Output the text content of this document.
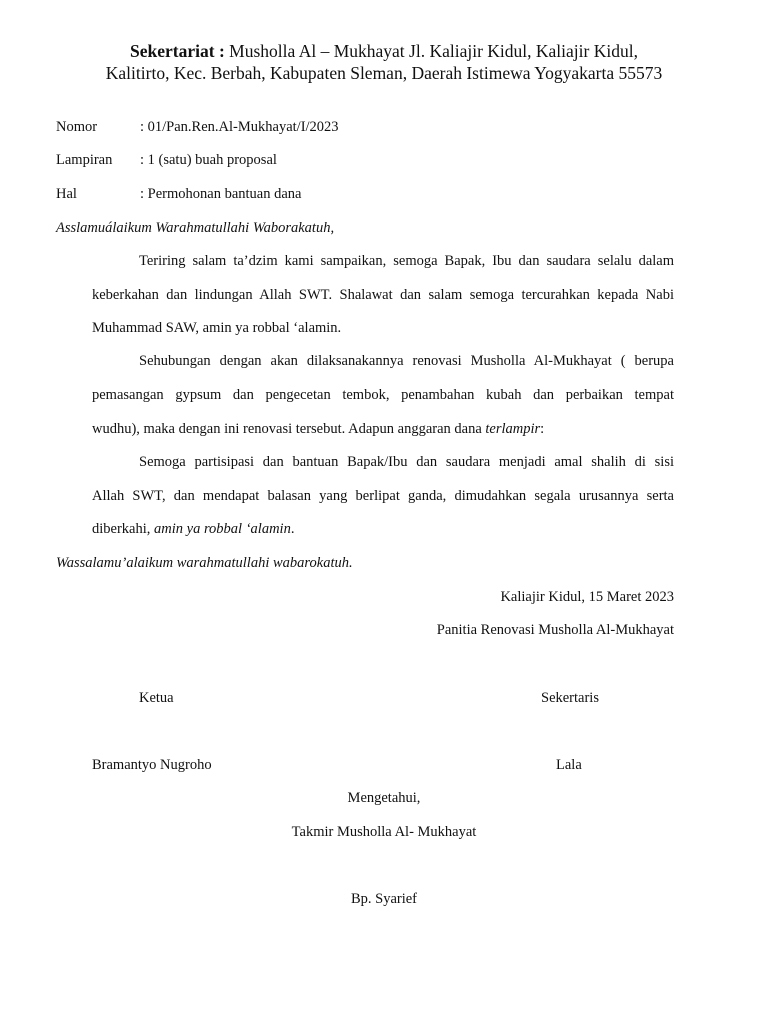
Sekertariat : Musholla Al – Mukhayat Jl. Kaliajir Kidul, Kaliajir Kidul,
Kalitirto, Kec. Berbah, Kabupaten Sleman, Daerah Istimewa Yogyakarta 55573
Nomor	: 01/Pan.Ren.Al-Mukhayat/I/2023
Lampiran : 1 (satu) buah proposal
Hal	: Permohonan bantuan dana
Asslamuálaikum Warahmatullahi Waborakatuh,
Teriring salam ta’dzim kami sampaikan, semoga Bapak, Ibu dan saudara selalu dalam
keberkahan dan lindungan Allah SWT. Shalawat dan salam semoga tercurahkan kepada Nabi
Muhammad SAW, amin ya robbal ‘alamin.
Sehubungan dengan akan dilaksanakannya renovasi Musholla Al-Mukhayat ( berupa
pemasangan gypsum dan pengecetan tembok, penambahan kubah dan perbaikan tempat
wudhu), maka dengan ini renovasi tersebut. Adapun anggaran dana terlampir:
Semoga partisipasi dan bantuan Bapak/Ibu dan saudara menjadi amal shalih di sisi
Allah SWT, dan mendapat balasan yang berlipat ganda, dimudahkan segala urusannya serta
diberkahi, amin ya robbal ‘alamin.
Wassalamu’alaikum warahmatullahi wabarokatuh.
Kaliajir Kidul, 15 Maret 2023
Panitia Renovasi Musholla Al-Mukhayat
Ketua	Sekertaris
Bramantyo Nugroho	Lala
Mengetahui,
Takmir Musholla Al- Mukhayat
Bp. Syarief
